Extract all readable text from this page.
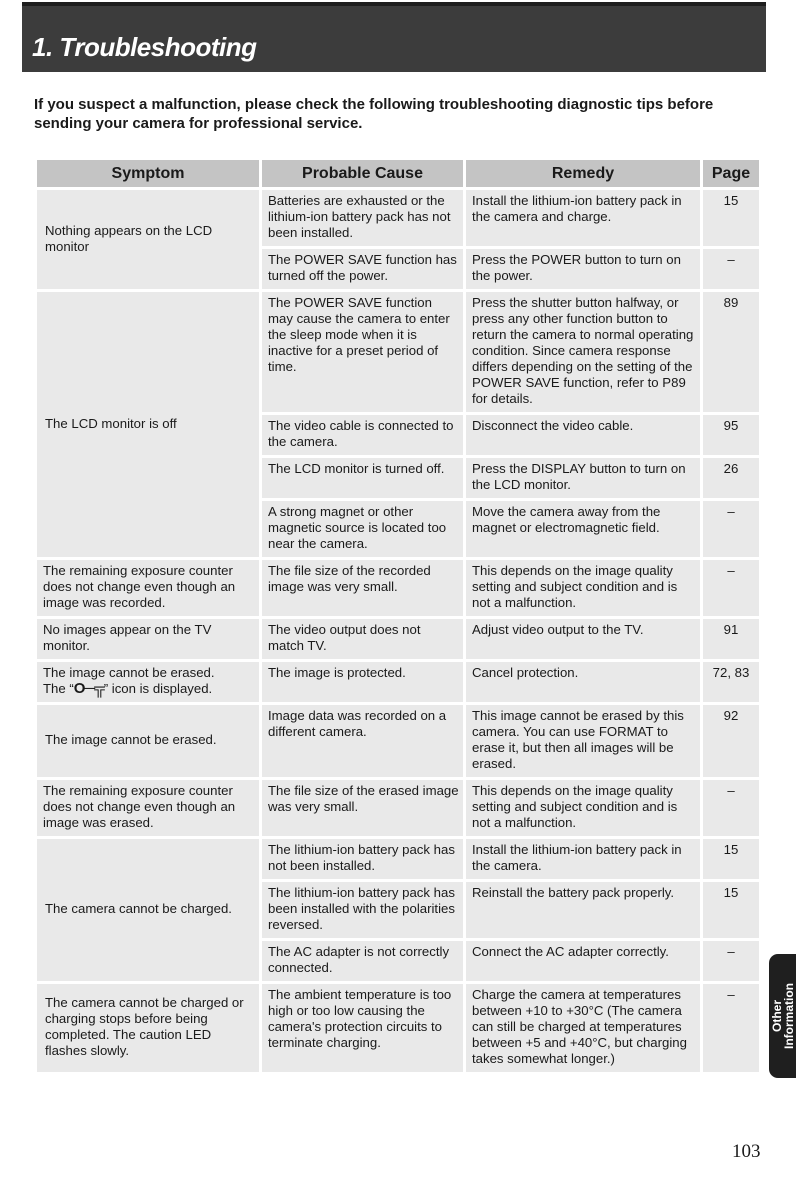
1. Troubleshooting
If you suspect a malfunction, please check the following troubleshooting diagnostic tips before sending your camera for professional service.
Symptom	Probable Cause	Remedy	Page
Nothing appears on the LCD monitor	Batteries are exhausted or the lithium-ion battery pack has not been installed.	Install the lithium-ion battery pack in the camera and charge.	15
	The POWER SAVE function has turned off the power.	Press the POWER button to turn on the power.	–
The LCD monitor is off	The POWER SAVE function may cause the camera to enter the sleep mode when it is inactive for a preset period of time.	Press the shutter button halfway, or press any other function button to return the camera to normal operating condition. Since camera response differs depending on the setting of the POWER SAVE function, refer to P89 for details.	89
	The video cable is connected to the camera.	Disconnect the video cable.	95
	The LCD monitor is turned off.	Press the DISPLAY button to turn on the LCD monitor.	26
	A strong magnet or other magnetic source is located too near the camera.	Move the camera away from the magnet or electromagnetic field.	–
The remaining exposure counter does not change even though an image was recorded.	The file size of the recorded image was very small.	This depends on the image quality setting and subject condition and is not a malfunction.	–
No images appear on the TV monitor.	The video output does not match TV.	Adjust video output to the TV.	91

The image cannot be erased.
The “O─╦” icon is displayed.	The image is protected.	Cancel protection.	72, 83
The image cannot be erased.	Image data was recorded on a different camera.	This image cannot be erased by this camera. You can use FORMAT to erase it, but then all images will be erased.	92
The remaining exposure counter does not change even though an image was erased.	The file size of the erased image was very small.	This depends on the image quality setting and subject condition and is not a malfunction.	–
The camera cannot be charged.	The lithium-ion battery pack has not been installed.	Install the lithium-ion battery pack in the camera.	15
	The lithium-ion battery pack has been installed with the polarities reversed.	Reinstall the battery pack properly.	15
	The AC adapter is not correctly connected.	Connect the AC adapter correctly.	–
The camera cannot be charged or charging stops before being completed. The caution LED flashes slowly.	The ambient temperature is too high or too low causing the camera's protection circuits to terminate charging.	Charge the camera at temperatures between +10 to +30°C (The camera can still be charged at temperatures between +5 and +40°C, but charging takes somewhat longer.)	–
Other
Information
103
